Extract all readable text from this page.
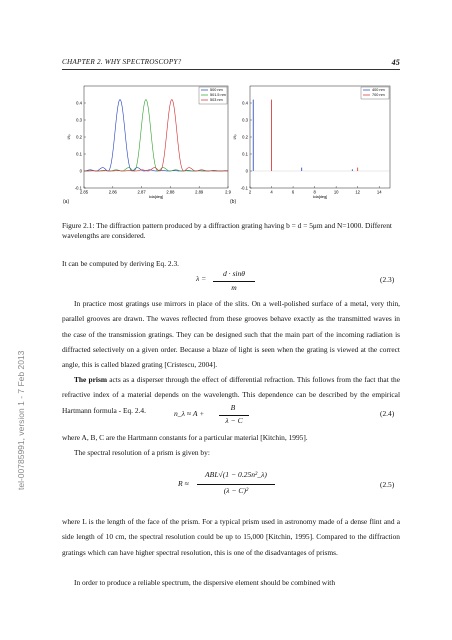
CHAPTER 2. WHY SPECTROSCOPY?	45
tel-00785991, version 1 - 7 Feb 2013
-0.1
0
0.1
0.2
0.3
0.4
2.85	2.86	2.87	2.88	2.89	2.9
lola[deg]
I/I₀
500 nm
501.5 nm
503 nm
-0.1
0
0.1
0.2
0.3
0.4
2	4	6	8	10	12	14
lola[deg]
I/I₀
400 nm
700 nm
(a)	(b)
Figure 2.1: The diffraction pattern produced by a diffraction grating having b = d = 5μm and N=1000. Different wavelengths are considered.
It can be computed by deriving Eq. 2.3.
λ =
d · sinθ
m
(2.3)
In practice most gratings use mirrors in place of the slits. On a well-polished surface of a metal, very thin, parallel grooves are drawn. The waves reflected from these grooves behave exactly as the transmitted waves in the case of the transmission gratings. They can be designed such that the main part of the incoming radiation is diffracted selectively on a given order. Because a blaze of light is seen when the grating is viewed at the correct angle, this is called blazed grating [Cristescu, 2004].
The prism acts as a disperser through the effect of differential refraction. This follows from the fact that the refractive index of a material depends on the wavelength. This dependence can be described by the empirical Hartmann formula - Eq. 2.4.	n_λ ≈ A +
B
λ − C
(2.4)
where A, B, C are the Hartmann constants for a particular material [Kitchin, 1995].
The spectral resolution of a prism is given by:
R ≈
ABL√(1 − 0.25n²_λ)
(λ − C)²
(2.5)
where L is the length of the face of the prism. For a typical prism used in astronomy made of a dense flint and a side length of 10 cm, the spectral resolution could be up to 15,000 [Kitchin, 1995]. Compared to the diffraction gratings which can have higher spectral resolution, this is one of the disadvantages of prisms.
In order to produce a reliable spectrum, the dispersive element should be combined with
